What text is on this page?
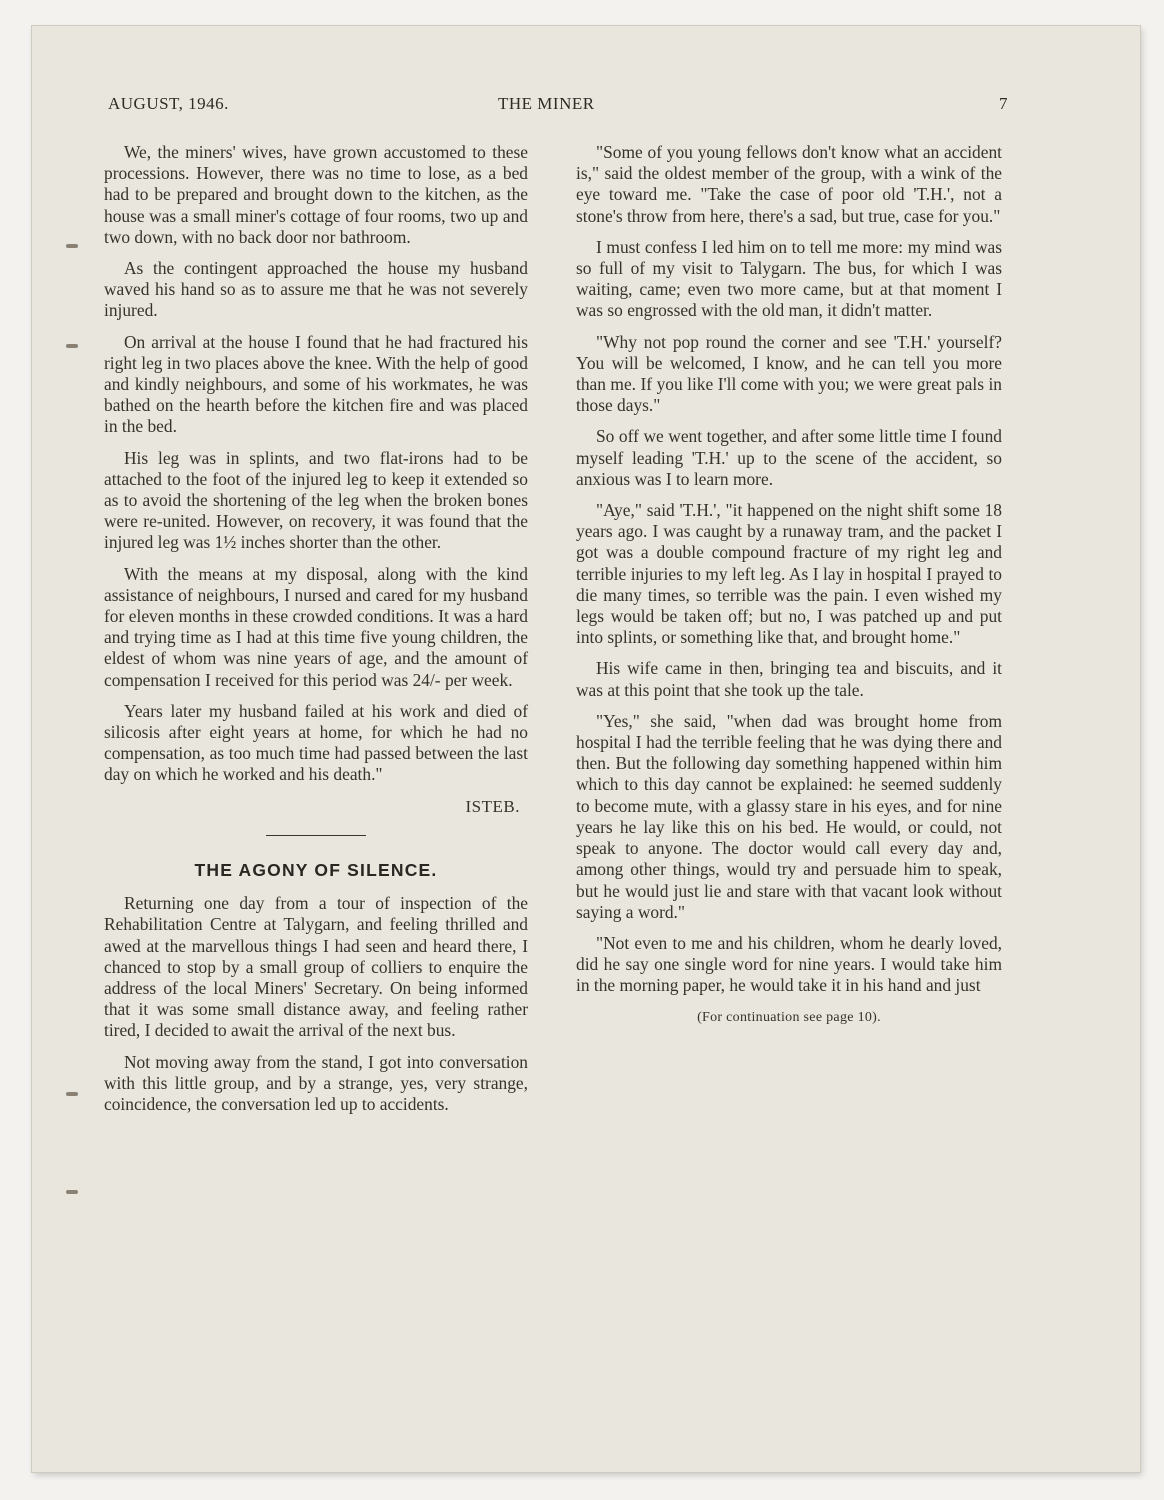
AUGUST, 1946.	THE MINER	7

We, the miners' wives, have grown accustomed to these processions. However, there was no time to lose, as a bed had to be prepared and brought down to the kitchen, as the house was a small miner's cottage of four rooms, two up and two down, with no back door nor bathroom.

As the contingent approached the house my husband waved his hand so as to assure me that he was not severely injured.

On arrival at the house I found that he had fractured his right leg in two places above the knee. With the help of good and kindly neighbours, and some of his workmates, he was bathed on the hearth before the kitchen fire and was placed in the bed.

His leg was in splints, and two flat-irons had to be attached to the foot of the injured leg to keep it extended so as to avoid the shortening of the leg when the broken bones were re-united. However, on recovery, it was found that the injured leg was 1½ inches shorter than the other.

With the means at my disposal, along with the kind assistance of neighbours, I nursed and cared for my husband for eleven months in these crowded conditions. It was a hard and trying time as I had at this time five young children, the eldest of whom was nine years of age, and the amount of compensation I received for this period was 24/- per week.

Years later my husband failed at his work and died of silicosis after eight years at home, for which he had no compensation, as too much time had passed between the last day on which he worked and his death."

ISTEB.
THE AGONY OF SILENCE.

Returning one day from a tour of inspection of the Rehabilitation Centre at Talygarn, and feeling thrilled and awed at the marvellous things I had seen and heard there, I chanced to stop by a small group of colliers to enquire the address of the local Miners' Secretary. On being informed that it was some small distance away, and feeling rather tired, I decided to await the arrival of the next bus.

Not moving away from the stand, I got into conversation with this little group, and by a strange, yes, very strange, coincidence, the conversation led up to accidents.

"Some of you young fellows don't know what an accident is," said the oldest member of the group, with a wink of the eye toward me. "Take the case of poor old 'T.H.', not a stone's throw from here, there's a sad, but true, case for you."

I must confess I led him on to tell me more: my mind was so full of my visit to Talygarn. The bus, for which I was waiting, came; even two more came, but at that moment I was so engrossed with the old man, it didn't matter.

"Why not pop round the corner and see 'T.H.' yourself? You will be welcomed, I know, and he can tell you more than me. If you like I'll come with you; we were great pals in those days."

So off we went together, and after some little time I found myself leading 'T.H.' up to the scene of the accident, so anxious was I to learn more.

"Aye," said 'T.H.', "it happened on the night shift some 18 years ago. I was caught by a runaway tram, and the packet I got was a double compound fracture of my right leg and terrible injuries to my left leg. As I lay in hospital I prayed to die many times, so terrible was the pain. I even wished my legs would be taken off; but no, I was patched up and put into splints, or something like that, and brought home."

His wife came in then, bringing tea and biscuits, and it was at this point that she took up the tale.

"Yes," she said, "when dad was brought home from hospital I had the terrible feeling that he was dying there and then. But the following day something happened within him which to this day cannot be explained: he seemed suddenly to become mute, with a glassy stare in his eyes, and for nine years he lay like this on his bed. He would, or could, not speak to anyone. The doctor would call every day and, among other things, would try and persuade him to speak, but he would just lie and stare with that vacant look without saying a word."

"Not even to me and his children, whom he dearly loved, did he say one single word for nine years. I would take him in the morning paper, he would take it in his hand and just

(For continuation see page 10).
